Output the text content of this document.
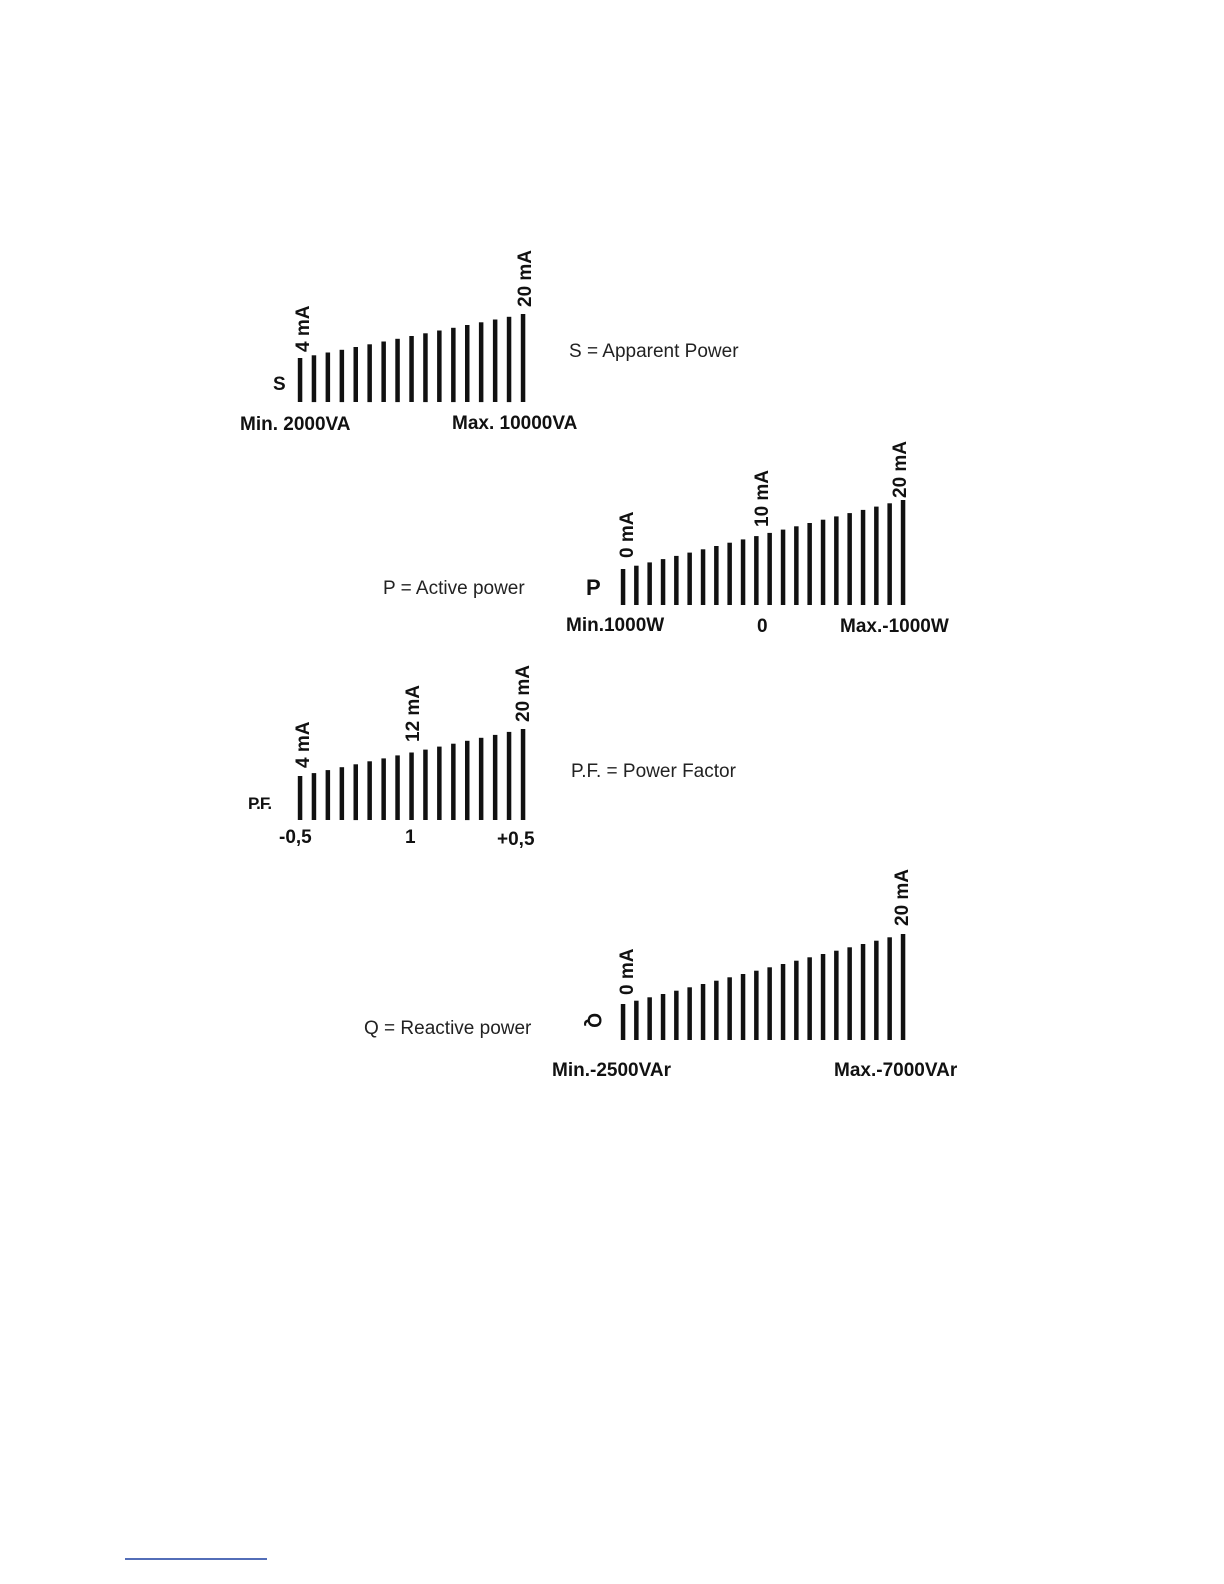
4 mA
20 mA
S
Min. 2000VA	Max. 10000VA
S = Apparent Power
0 mA
10 mA
20 mA
P
Min.1000W	0	Max.-1000W
P = Active power
4 mA
12 mA	20 mA
P.F.
-0,5	1	+0,5
P.F. = Power Factor
0 mA
20 mA
Q
Min.-2500VAr	Max.-7000VAr
Q = Reactive power
